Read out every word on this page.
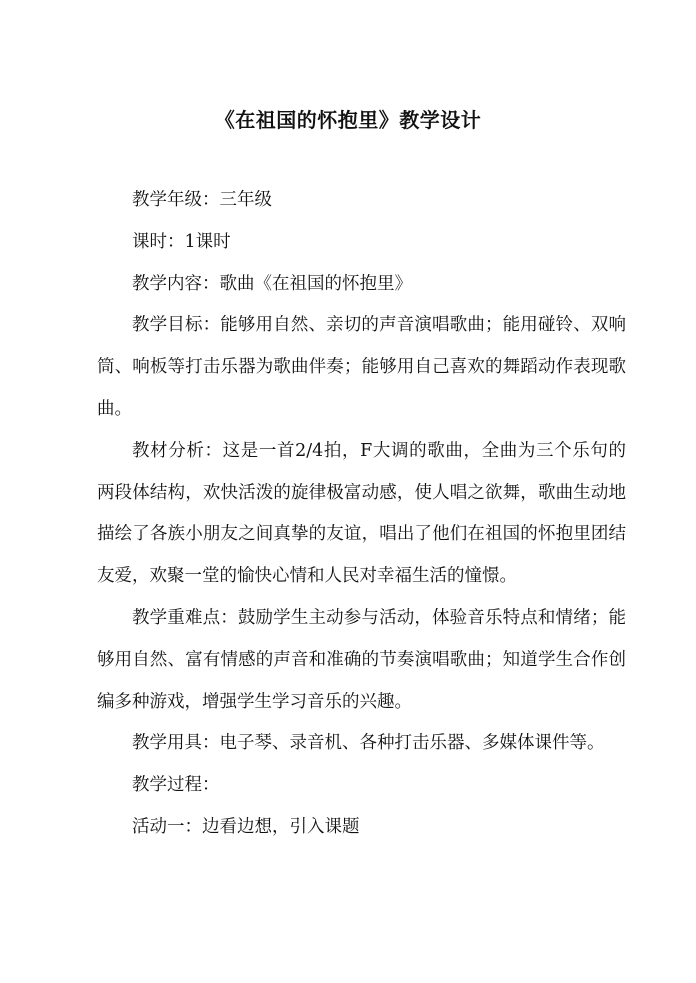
《在祖国的怀抱里》教学设计

教学年级：三年级

课时：1课时

教学内容：歌曲《在祖国的怀抱里》

教学目标：能够用自然、亲切的声音演唱歌曲；能用碰铃、双响筒、响板等打击乐器为歌曲伴奏；能够用自己喜欢的舞蹈动作表现歌曲。

教材分析：这是一首2/4拍，F大调的歌曲，全曲为三个乐句的两段体结构，欢快活泼的旋律极富动感，使人唱之欲舞，歌曲生动地描绘了各族小朋友之间真挚的友谊，唱出了他们在祖国的怀抱里团结友爱，欢聚一堂的愉快心情和人民对幸福生活的憧憬。

教学重难点：鼓励学生主动参与活动，体验音乐特点和情绪；能够用自然、富有情感的声音和准确的节奏演唱歌曲；知道学生合作创编多种游戏，增强学生学习音乐的兴趣。

教学用具：电子琴、录音机、各种打击乐器、多媒体课件等。

教学过程：

活动一：边看边想，引入课题
